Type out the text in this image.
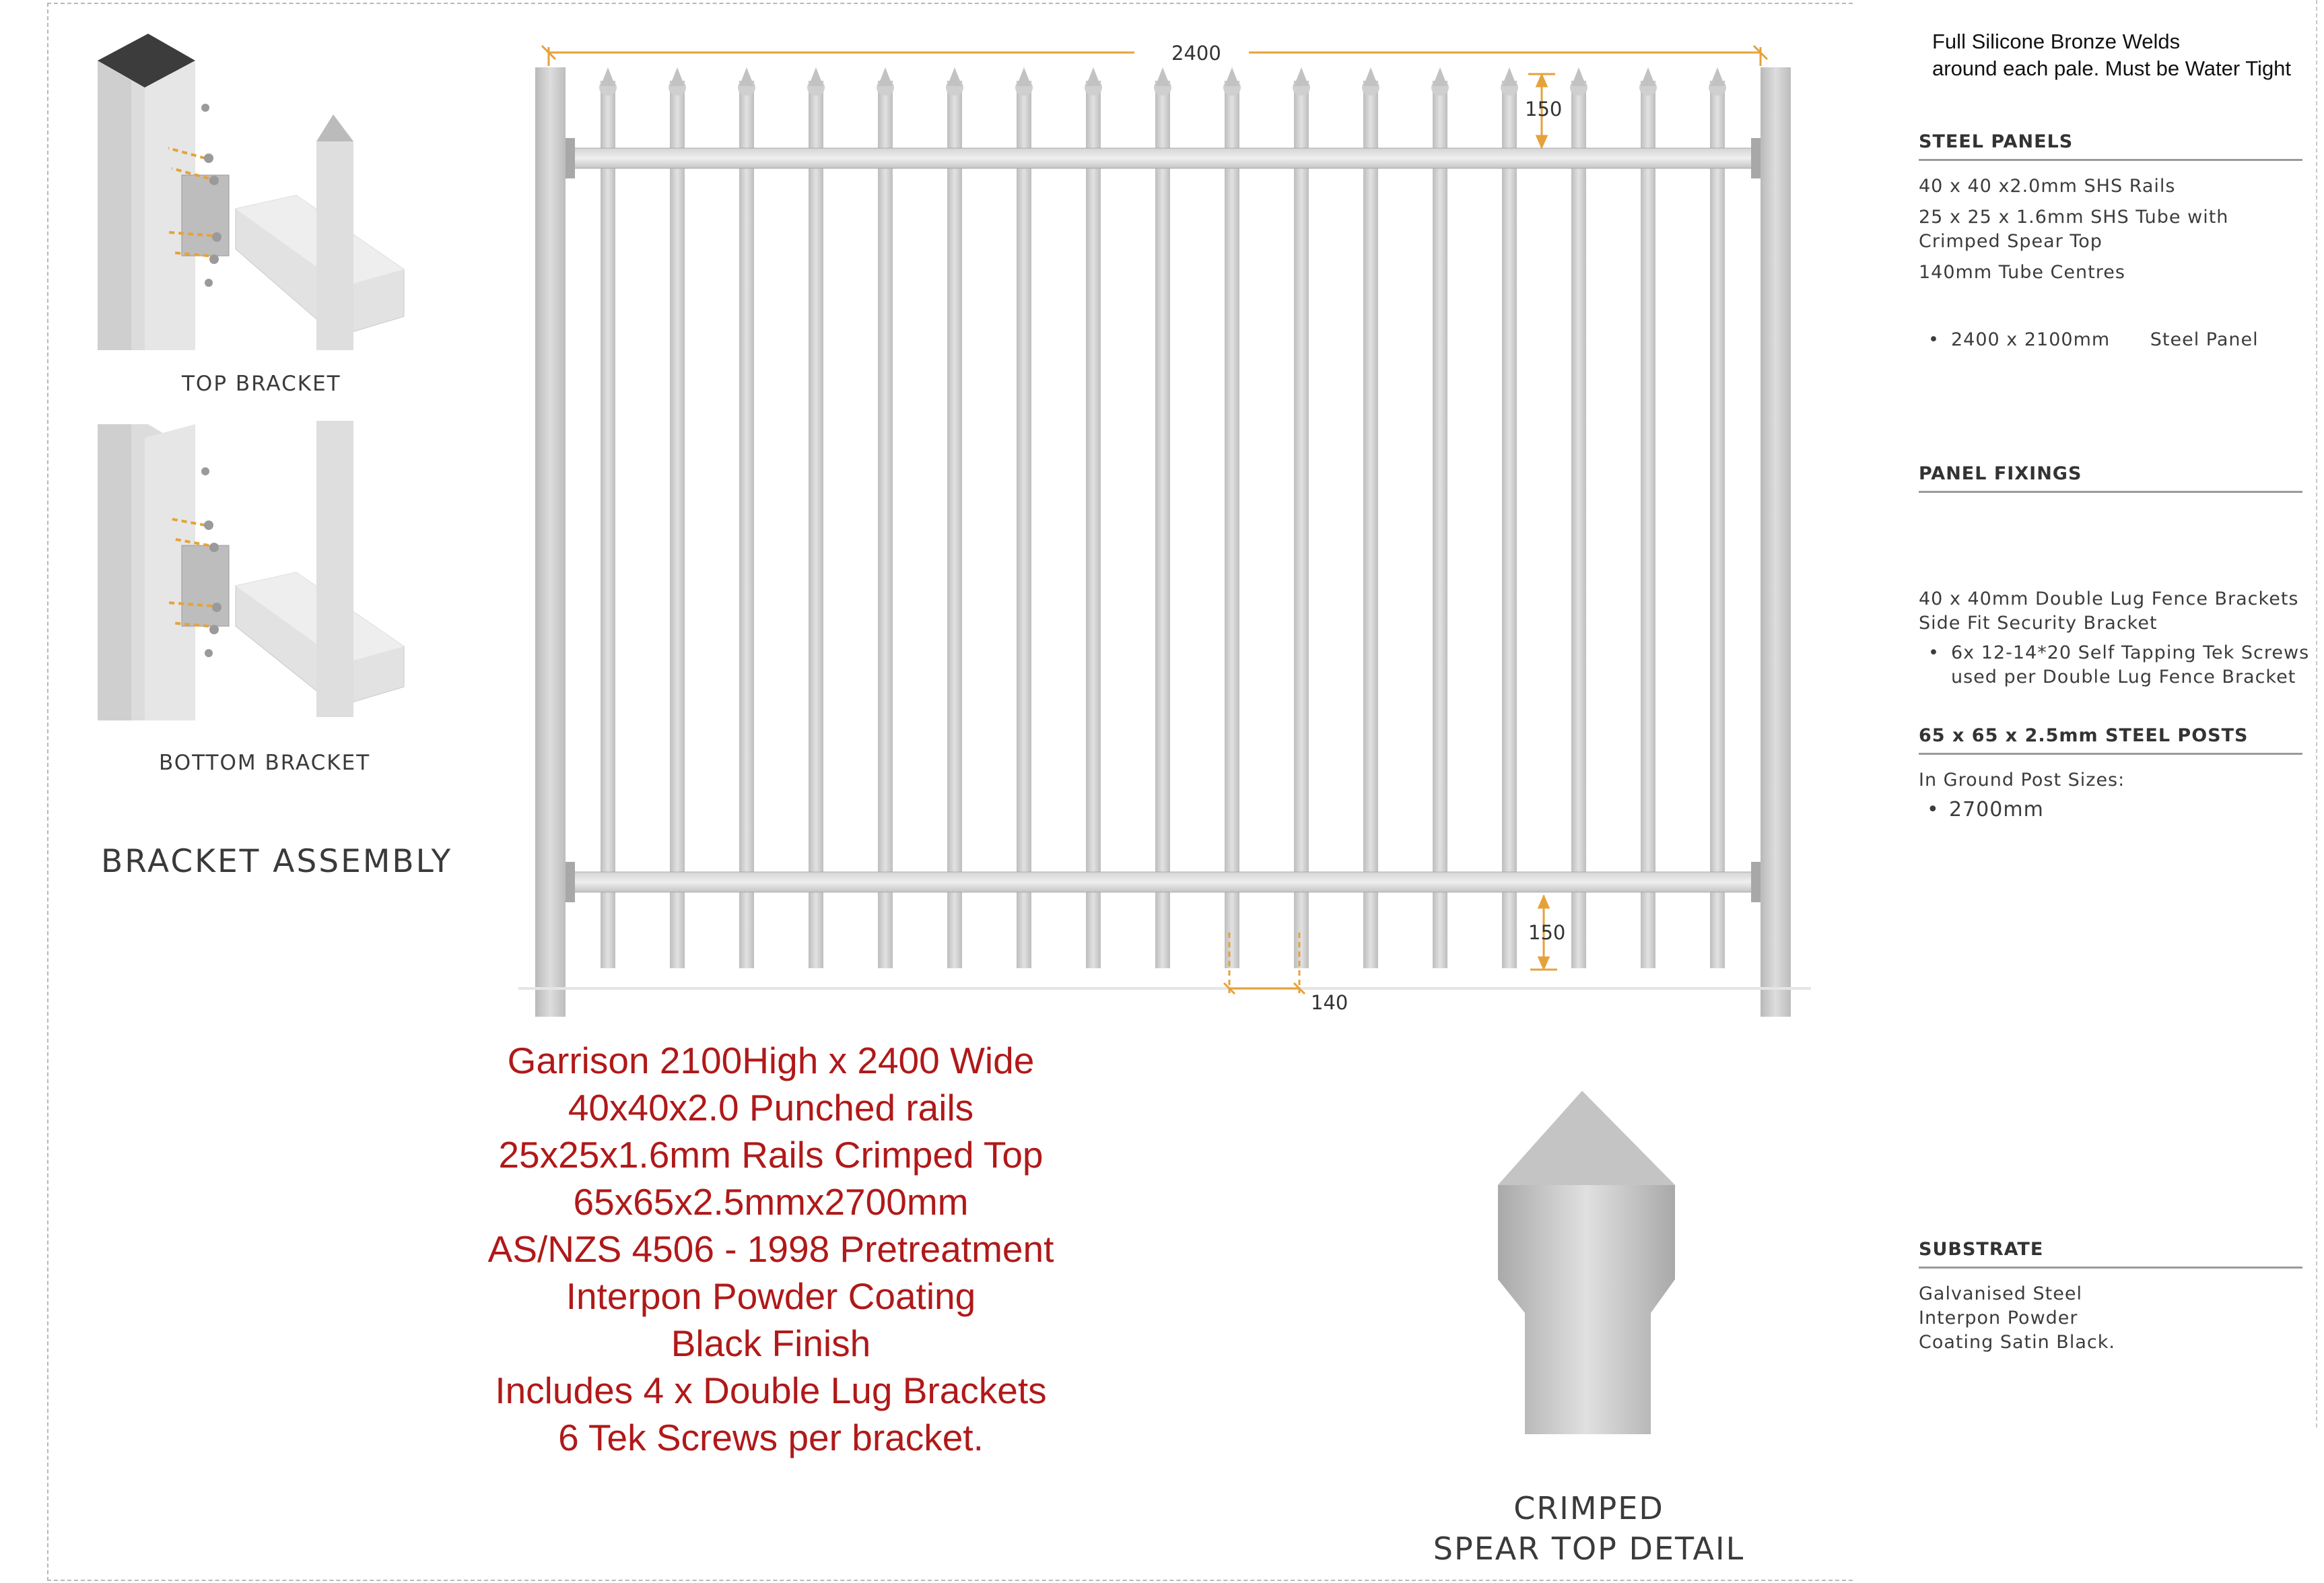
Full Silicone Bronze Welds
around each pale. Must be Water Tight
TOP BRACKET
BOTTOM BRACKET
BRACKET ASSEMBLY
2400
150
150
140
Garrison 2100High x 2400 Wide
40x40x2.0 Punched rails
25x25x1.6mm Rails Crimped Top
65x65x2.5mmx2700mm
AS/NZS 4506 - 1998 Pretreatment
Interpon Powder Coating
Black Finish
Includes 4 x Double Lug Brackets
6 Tek Screws per bracket.
CRIMPED
SPEAR TOP DETAIL
STEEL PANELS
40 x 40 x2.0mm SHS Rails
25 x 25 x 1.6mm SHS Tube with
Crimped Spear Top
140mm Tube Centres
• 2400 x 2100mm Steel Panel
PANEL FIXINGS
40 x 40mm Double Lug Fence Brackets
Side Fit Security Bracket
• 6x 12-14*20 Self Tapping Tek Screws
used per Double Lug Fence Bracket
65 x 65 x 2.5mm STEEL POSTS
In Ground Post Sizes:
• 2700mm
SUBSTRATE
Galvanised Steel
Interpon Powder
Coating Satin Black.
